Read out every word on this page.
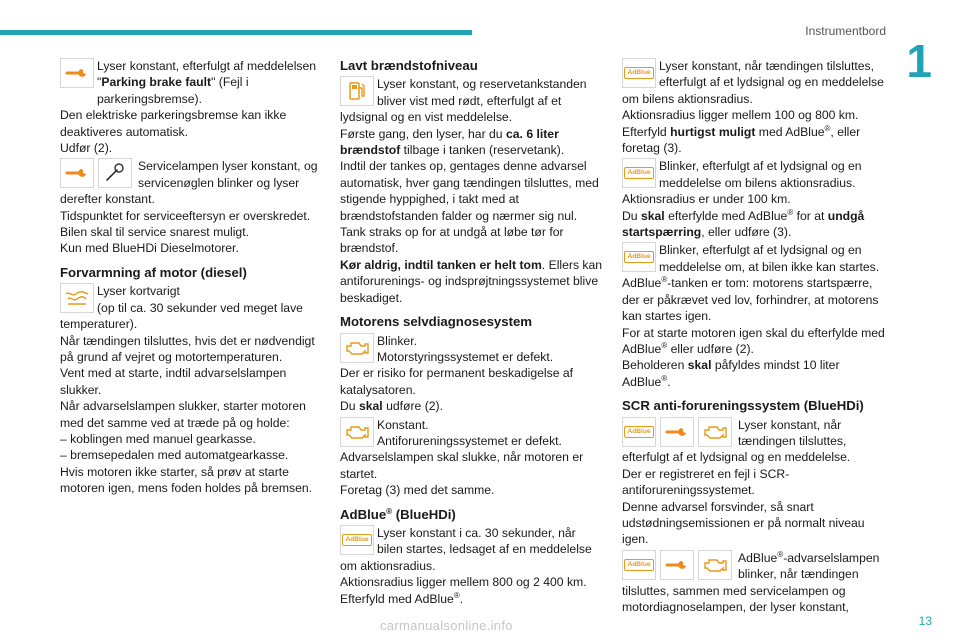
Instrumentbord
1

Lyser konstant, efterfulgt af meddelelsen "Parking brake fault" (Fejl i parkeringsbremse).

Den elektriske parkeringsbremse kan ikke deaktiveres automatisk.

Udfør (2).

Servicelampen lyser konstant, og servicenøglen blinker og lyser

derefter konstant.

Tidspunktet for serviceeftersyn er overskredet.

Bilen skal til service snarest muligt.

Kun med BlueHDi Dieselmotorer.

Forvarmning af motor (diesel)

Lyser kortvarigt
(op til ca. 30 sekunder ved meget lave

temperaturer).

Når tændingen tilsluttes, hvis det er nødvendigt på grund af vejret og motortemperaturen.

Vent med at starte, indtil advarselslampen slukker.

Når advarselslampen slukker, starter motoren med det samme ved at træde på og holde:

– koblingen med manuel gearkasse.

– bremsepedalen med automatgearkasse.

Hvis motoren ikke starter, så prøv at starte motoren igen, mens foden holdes på bremsen.

Lavt brændstofniveau

Lyser konstant, og reservetankstanden bliver vist med rødt, efterfulgt af et

lydsignal og en vist meddelelse.

Første gang, den lyser, har du ca. 6 liter brændstof tilbage i tanken (reservetank).

Indtil der tankes op, gentages denne advarsel automatisk, hver gang tændingen tilsluttes, med stigende hyppighed, i takt med at brændstofstanden falder og nærmer sig nul.

Tank straks op for at undgå at løbe tør for brændstof.

Kør aldrig, indtil tanken er helt tom. Ellers kan antiforurenings- og indsprøjtningssystemet blive beskadiget.

Motorens selvdiagnosesystem

Blinker.
Motorstyringssystemet er defekt.

Der er risiko for permanent beskadigelse af katalysatoren.

Du skal udføre (2).

Konstant.
Antiforureningssystemet er defekt.

Advarselslampen skal slukke, når motoren er startet.

Foretag (3) med det samme.

AdBlue® (BlueHDi)

AdBlue Lyser konstant i ca. 30 sekunder, når bilen startes, ledsaget af en meddelelse

om aktionsradius.

Aktionsradius ligger mellem 800 og 2 400 km.

Efterfyld med AdBlue®.

AdBlue Lyser konstant, når tændingen tilsluttes, efterfulgt af et lydsignal og en meddelelse

om bilens aktionsradius.

Aktionsradius ligger mellem 100 og 800 km.

Efterfyld hurtigst muligt med AdBlue®, eller foretag (3).

AdBlue Blinker, efterfulgt af et lydsignal og en meddelelse om bilens aktionsradius.

Aktionsradius er under 100 km.

Du skal efterfylde med AdBlue® for at undgå startspærring, eller udføre (3).

AdBlue Blinker, efterfulgt af et lydsignal og en meddelelse om, at bilen ikke kan startes.

AdBlue®-tanken er tom: motorens startspærre, der er påkrævet ved lov, forhindrer, at motorens kan startes igen.

For at starte motoren igen skal du efterfylde med

AdBlue® eller udføre (2).

Beholderen skal påfyldes mindst 10 liter

AdBlue®.

SCR anti-forureningssystem (BlueHDi)

AdBlue	Lyser konstant, når tændingen tilsluttes,

efterfulgt af et lydsignal og en meddelelse.

Der er registreret en fejl i SCR-antiforureningssystemet.

Denne advarsel forsvinder, så snart udstødningsemissionen er på normalt niveau igen.

AdBlue	AdBlue®-advarselslampen blinker, når tændingen

tilsluttes, sammen med servicelampen og motordiagnoselampen, der lyser konstant,

carmanualsonline.info	13
